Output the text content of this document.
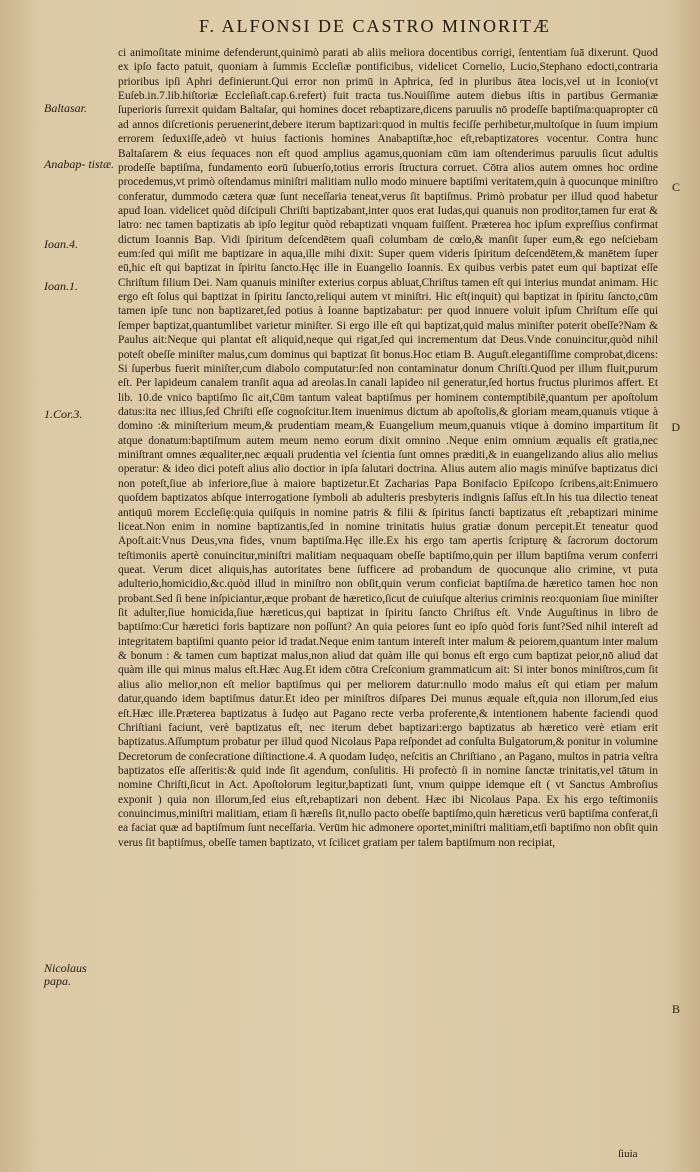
F. ALFONSI DE CASTRO MINORITÆ
Baltasar.
Anabap- tistæ.
Ioan.4.
Ioan.1.
1.Cor.3.
Nicolaus papa.

ci animoſitate minime defenderunt,quinimò parati ab aliis meliora docentibus corrigi, ſententiam ſuā dixerunt. Quod ex ipſo facto patuit, quoniam à ſummis Eccleſiæ pontificibus, videlicet Cornelio, Lucio,Stephano edocti,contraria prioribus ipſi Aphri definierunt.Qui error non primū in Aphrica, ſed in pluribus ātea locis,vel ut in Iconio(vt Euſeb.in.7.lib.hiſtoriæ Eccleſiaſt.cap.6.refert) fuit tracta tus.Nouiſſime autem diebus iſtis in partibus Germaniæ ſuperioris ſurrexit quidam Baltaſar, qui homines docet rebaptizare,dicens paruulis nō prodeſſe baptiſma:quapropter cū ad annos diſcretionis peruenerint,debere iterum baptizari:quod in multis feciſſe perhibetur,multoſque in ſuum impium errorem ſeduxiſſe,adeò vt huius factionis homines Anabaptiſtæ,hoc eſt,rebaptizatores vocentur. Contra hunc Baltaſarem & eius ſequaces non eſt quod amplius agamus,quoniam cūm iam oſtenderimus paruulis ſicut adultis prodeſſe baptiſma, fundamento eorū ſubuerſo,totius erroris ſtructura corruet. Cōtra alios autem omnes hoc ordine procedemus,vt primò oſtendamus miniſtri malitiam nullo modo minuere baptiſmi veritatem,quin à quocunque miniſtro conferatur, dummodo cætera quæ ſunt neceſſaria teneat,verus ſit baptiſmus. Primò probatur per illud quod habetur apud Ioan. videlicet quòd diſcipuli Chriſti baptizabant,inter quos erat Iudas,qui quanuis non proditor,tamen fur erat & latro: nec tamen baptizatis ab ipſo legitur quòd rebaptizati vnquam fuiſſent. Præterea hoc ipſum expreſſius confirmat dictum Ioannis Bap. Vidi ſpiritum deſcendētem quaſi columbam de cœlo,& manſit ſuper eum,& ego neſciebam eum:ſed qui miſit me baptizare in aqua,ille mihi dixit: Super quem videris ſpiritum deſcendētem,& manētem ſuper eū,hic eſt qui baptizat in ſpiritu ſancto.Hęc ille in Euangelio Ioannis. Ex quibus verbis patet eum qui baptizat eſſe Chriſtum filium Dei. Nam quanuis miniſter exterius corpus abluat,Chriſtus tamen eſt qui interius mundat animam. Hic ergo eſt ſolus qui baptizat in ſpiritu ſancto,reliqui autem vt miniſtri. Hic eſt(inquit) qui baptizat in ſpiritu ſancto,cūm tamen ipſe tunc non baptizaret,ſed potius à Ioanne baptizabatur: per quod innuere voluit ipſum Chriſtum eſſe qui ſemper baptizat,quantumlibet varietur miniſter. Si ergo ille eſt qui baptizat,quid malus miniſter poterit obeſſe?Nam & Paulus ait:Neque qui plantat eſt aliquid,neque qui rigat,ſed qui incrementum dat Deus.Vnde conuincitur,quòd nihil poteſt obeſſe miniſter malus,cum dominus qui baptizat ſit bonus.Hoc etiam B. Auguſt.elegantiſſime comprobat,dicens: Si ſuperbus fuerit miniſter,cum diabolo computatur:ſed non contaminatur donum Chriſti.Quod per illum fluit,purum eſt. Per lapideum canalem tranſit aqua ad areolas.In canali lapideo nil generatur,ſed hortus fructus plurimos affert. Et lib. 10.de vnico baptiſmo ſic ait,Cūm tantum valeat baptiſmus per hominem contemptibilē,quantum per apoſtolum datus:ita nec illius,ſed Chriſti eſſe cognoſcitur.Item inuenimus dictum ab apoſtolis,& gloriam meam,quanuis vtique à domino :& miniſterium meum,& prudentiam meam,& Euangelium meum,quanuis vtique à domino impartitum ſit atque donatum:baptiſmum autem meum nemo eorum dixit omnino .Neque enim omnium æqualis eſt gratia,nec miniſtrant omnes æqualiter,nec æquali prudentia vel ſcientia ſunt omnes præditi,& in euangelizando alius alio melius operatur: & ideo dici poteſt alius alio doctior in ipſa ſalutari doctrina. Alius autem alio magis minúſve baptizatus dici non poteſt,ſiue ab inferiore,ſiue à maiore baptizetur.Et Zacharias Papa Bonifacio Epiſcopo ſcribens,ait:Enimuero quoſdem baptizatos abſque interrogatione ſymboli ab adulteris presbyteris indignis ſaſſus eſt.In his tua dilectio teneat antiquū morem Eccleſię:quia quiſquis in nomine patris & filii & ſpiritus ſancti baptizatus eſt ,rebaptizari minime liceat.Non enim in nomine baptizantis,ſed in nomine trinitatis huius gratiæ donum percepit.Et teneatur quod Apoſt.ait:Vnus Deus,vna fides, vnum baptiſma.Hęc ille.Ex his ergo tam apertis ſcripturę & ſacrorum doctorum teſtimoniis apertè conuincitur,miniſtri malitiam nequaquam obeſſe baptiſmo,quin per illum baptiſma verum conferri queat. Verum dicet aliquis,has autoritates bene ſufficere ad probandum de quocunque alio crimine, vt puta adulterio,homicidio,&c.quòd illud in miniſtro non obſit,quin verum conficiat baptiſma.de hæretico tamen hoc non probant.Sed ſi bene inſpiciantur,æque probant de hæretico,ſicut de cuiuſque alterius criminis reo:quoniam ſiue miniſter ſit adulter,ſiue homicida,ſiue hæreticus,qui baptizat in ſpiritu ſancto Chriſtus eſt. Vnde Auguſtinus in libro de baptiſmo:Cur hæretici foris baptizare non poſſunt? An quia peiores ſunt eo ipſo quòd foris ſunt?Sed nihil intereſt ad integritatem baptiſmi quanto peior id tradat.Neque enim tantum intereſt inter malum & peiorem,quantum inter malum & bonum : & tamen cum baptizat malus,non aliud dat quàm ille qui bonus eſt ergo cum baptizat peior,nō aliud dat quàm ille qui minus malus eſt.Hæc Aug.Et idem cōtra Creſconium grammaticum ait: Si inter bonos miniſtros,cum ſit alius alio melior,non eſt melior baptiſmus qui per meliorem datur:nullo modo malus eſt qui etiam per malum datur,quando idem baptiſmus datur.Et ideo per miniſtros diſpares Dei munus æquale eſt,quia non illorum,ſed eius eſt.Hæc ille.Præterea baptizatus à Iudęo aut Pagano recte verba proferente,& intentionem habente faciendi quod Chriſtiani faciunt, verè baptizatus eſt, nec iterum debet baptizari:ergo baptizatus ab hæretico verè etiam erit baptizatus.Aſſumptum probatur per illud quod Nicolaus Papa reſpondet ad conſulta Bulgatorum,& ponitur in volumine Decretorum de conſecratione diſtinctione.4. A quodam Iudęo, neſcitis an Chriſtiano , an Pagano, multos in patria veſtra baptizatos eſſe aſſeritis:& quid inde ſit agendum, conſulitis. Hi profectò ſi in nomine ſanctæ trinitatis,vel tātum in nomine Chriſti,ſicut in Act. Apoſtolorum legitur,baptizati ſunt, vnum quippe idemque eſt ( vt Sanctus Ambroſius exponit ) quia non illorum,ſed eius eſt,rebaptizari non debent. Hæc ibi Nicolaus Papa. Ex his ergo teſtimoniis conuincimus,miniſtri malitiam, etiam ſi hæreſis ſit,nullo pacto obeſſe baptiſmo,quin hæreticus verū baptiſma conferat,ſi ea faciat quæ ad baptiſmum ſunt neceſſaria. Verūm hic admonere oportet,miniſtri malitiam,etſi baptiſmo non obſit quin verus ſit baptiſmus, obeſſe tamen baptizato, vt ſcilicet gratiam per talem baptiſmum non recipiat,

C
D
B
ſiuia
